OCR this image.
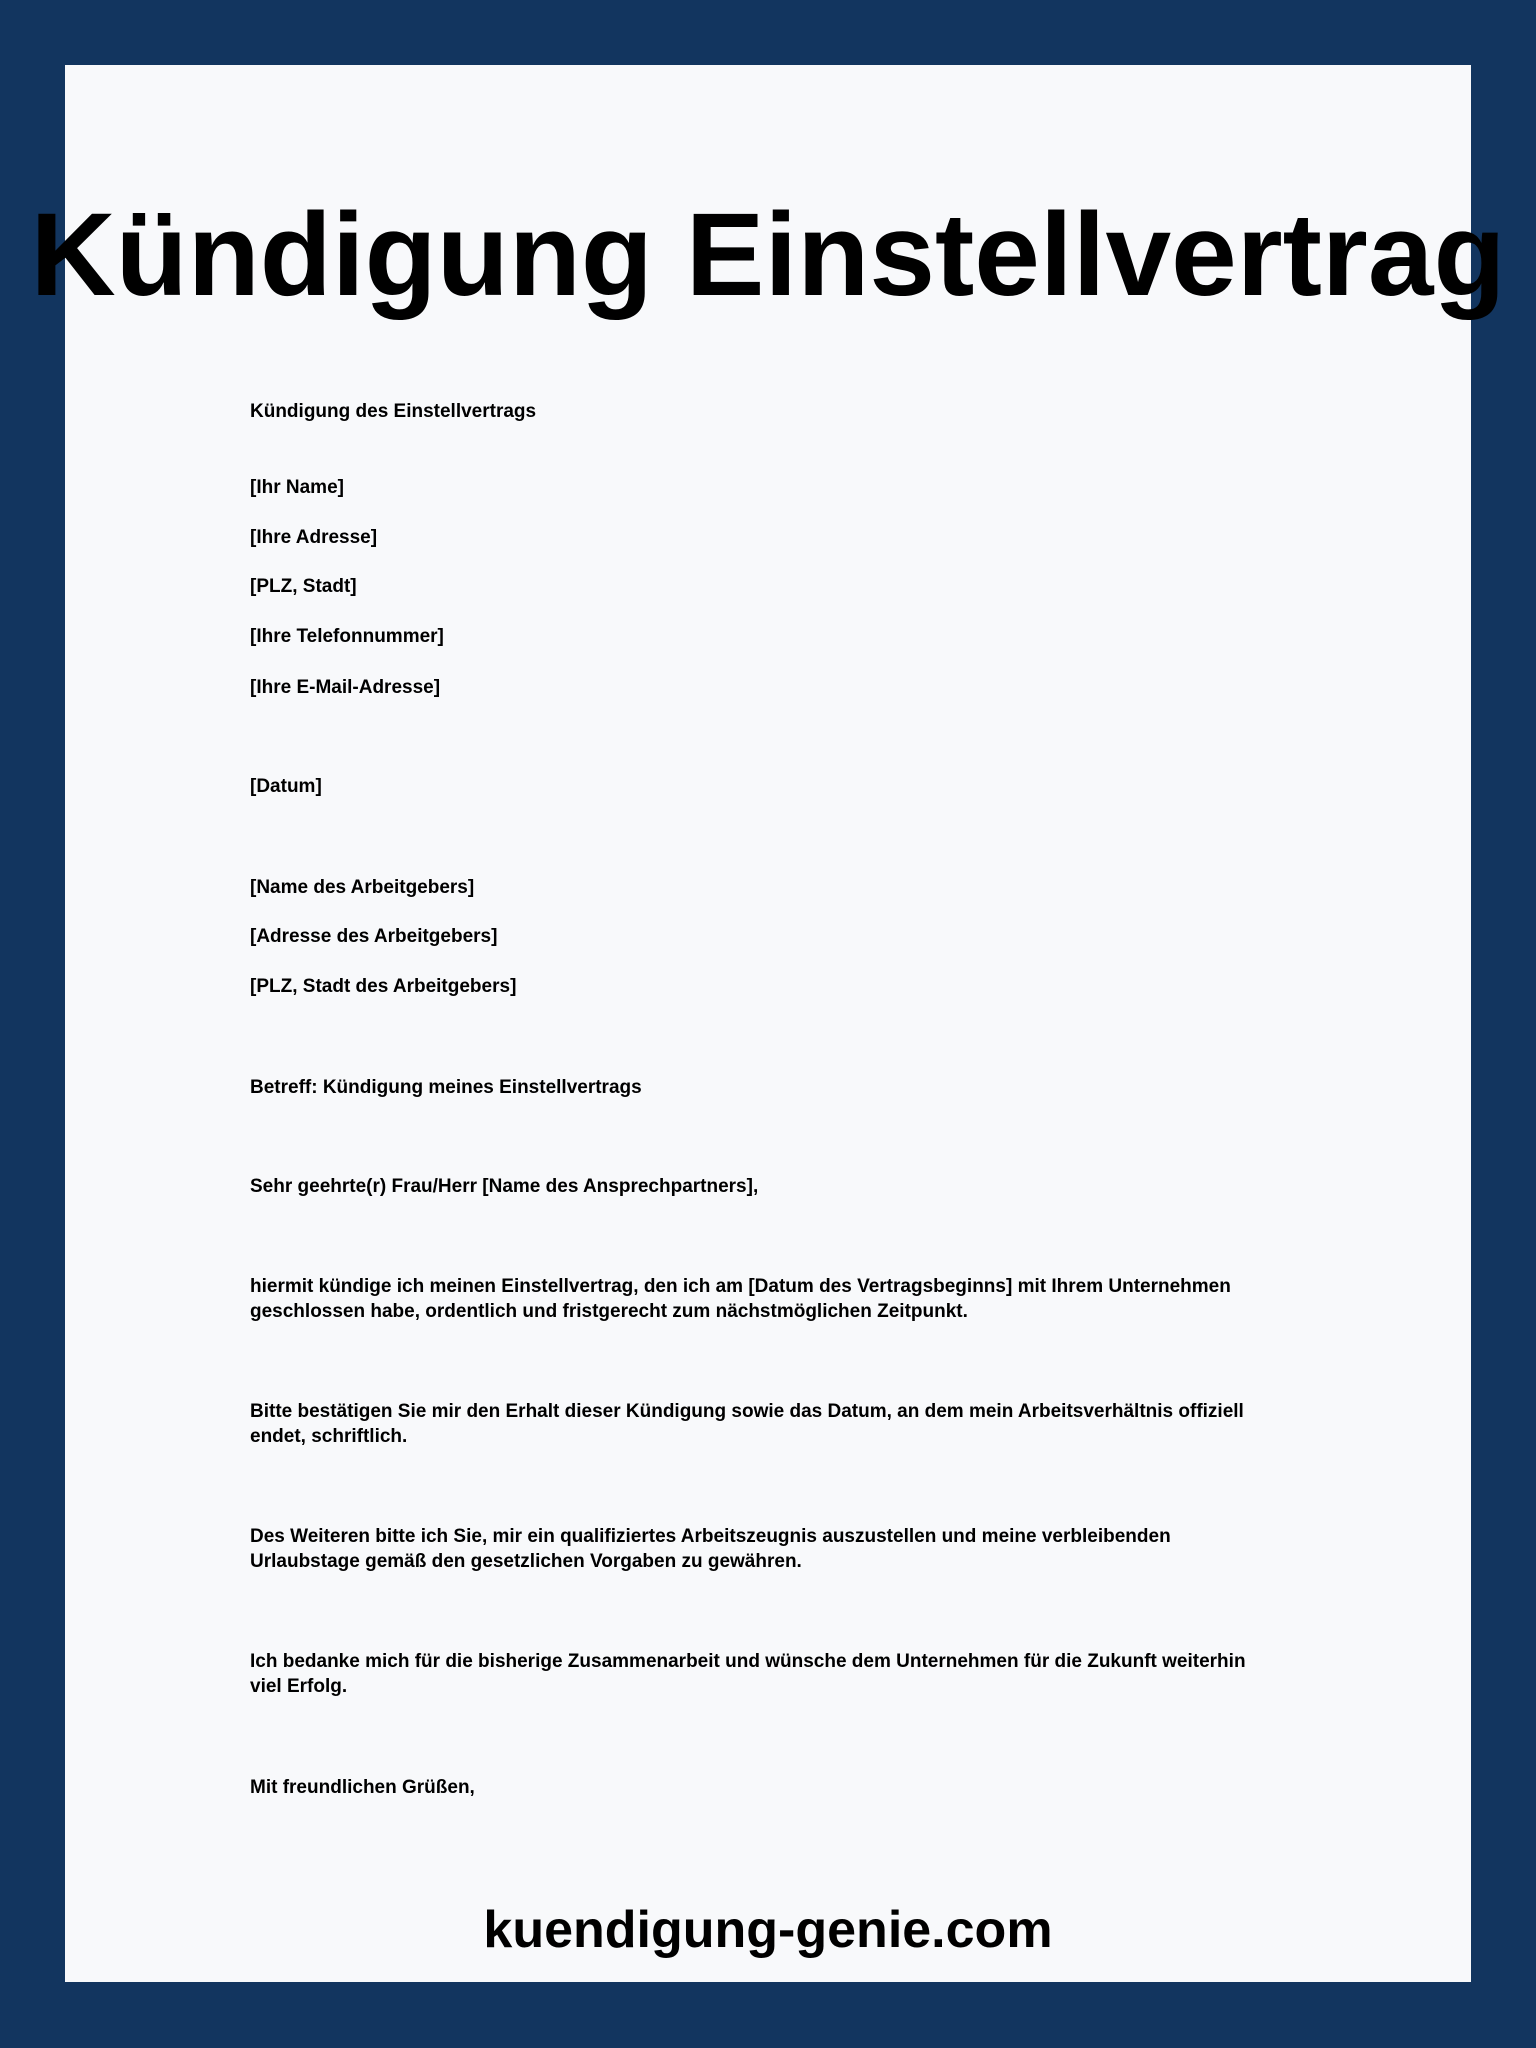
Kündigung Einstellvertrag

Kündigung des Einstellvertrags

[Ihr Name]

[Ihre Adresse]

[PLZ, Stadt]

[Ihre Telefonnummer]

[Ihre E-Mail-Adresse]

[Datum]

[Name des Arbeitgebers]

[Adresse des Arbeitgebers]

[PLZ, Stadt des Arbeitgebers]

Betreff: Kündigung meines Einstellvertrags

Sehr geehrte(r) Frau/Herr [Name des Ansprechpartners],

hiermit kündige ich meinen Einstellvertrag, den ich am [Datum des Vertragsbeginns] mit Ihrem Unternehmen geschlossen habe, ordentlich und fristgerecht zum nächstmöglichen Zeitpunkt.

Bitte bestätigen Sie mir den Erhalt dieser Kündigung sowie das Datum, an dem mein Arbeitsverhältnis offiziell endet, schriftlich.

Des Weiteren bitte ich Sie, mir ein qualifiziertes Arbeitszeugnis auszustellen und meine verbleibenden Urlaubstage gemäß den gesetzlichen Vorgaben zu gewähren.

Ich bedanke mich für die bisherige Zusammenarbeit und wünsche dem Unternehmen für die Zukunft weiterhin viel Erfolg.

Mit freundlichen Grüßen,

kuendigung-genie.com
